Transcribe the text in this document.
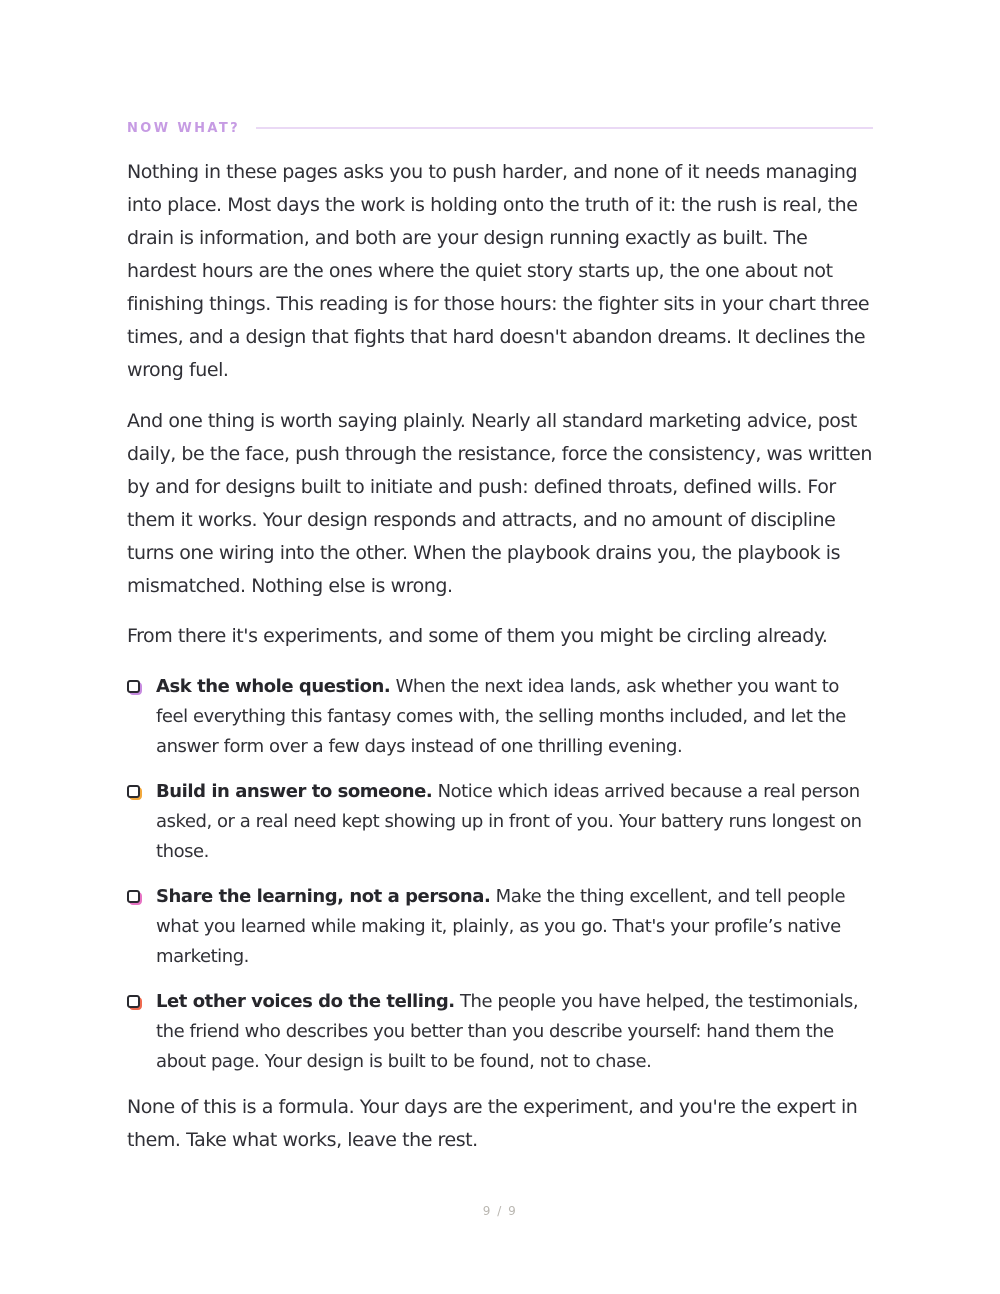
NOW WHAT?

Nothing in these pages asks you to push harder, and none of it needs managing into place. Most days the work is holding onto the truth of it: the rush is real, the drain is information, and both are your design running exactly as built. The hardest hours are the ones where the quiet story starts up, the one about not finishing things. This reading is for those hours: the fighter sits in your chart three times, and a design that fights that hard doesn't abandon dreams. It declines the wrong fuel.

And one thing is worth saying plainly. Nearly all standard marketing advice, post daily, be the face, push through the resistance, force the consistency, was written by and for designs built to initiate and push: defined throats, defined wills. For them it works. Your design responds and attracts, and no amount of discipline turns one wiring into the other. When the playbook drains you, the playbook is mismatched. Nothing else is wrong.

From there it's experiments, and some of them you might be circling already.

Ask the whole question. When the next idea lands, ask whether you want to feel everything this fantasy comes with, the selling months included, and let the answer form over a few days instead of one thrilling evening.
Build in answer to someone. Notice which ideas arrived because a real person asked, or a real need kept showing up in front of you. Your battery runs longest on those.
Share the learning, not a persona. Make the thing excellent, and tell people what you learned while making it, plainly, as you go. That's your profile’s native marketing.
Let other voices do the telling. The people you have helped, the testimonials, the friend who describes you better than you describe yourself: hand them the about page. Your design is built to be found, not to chase.

None of this is a formula. Your days are the experiment, and you're the expert in them. Take what works, leave the rest.

9 / 9
